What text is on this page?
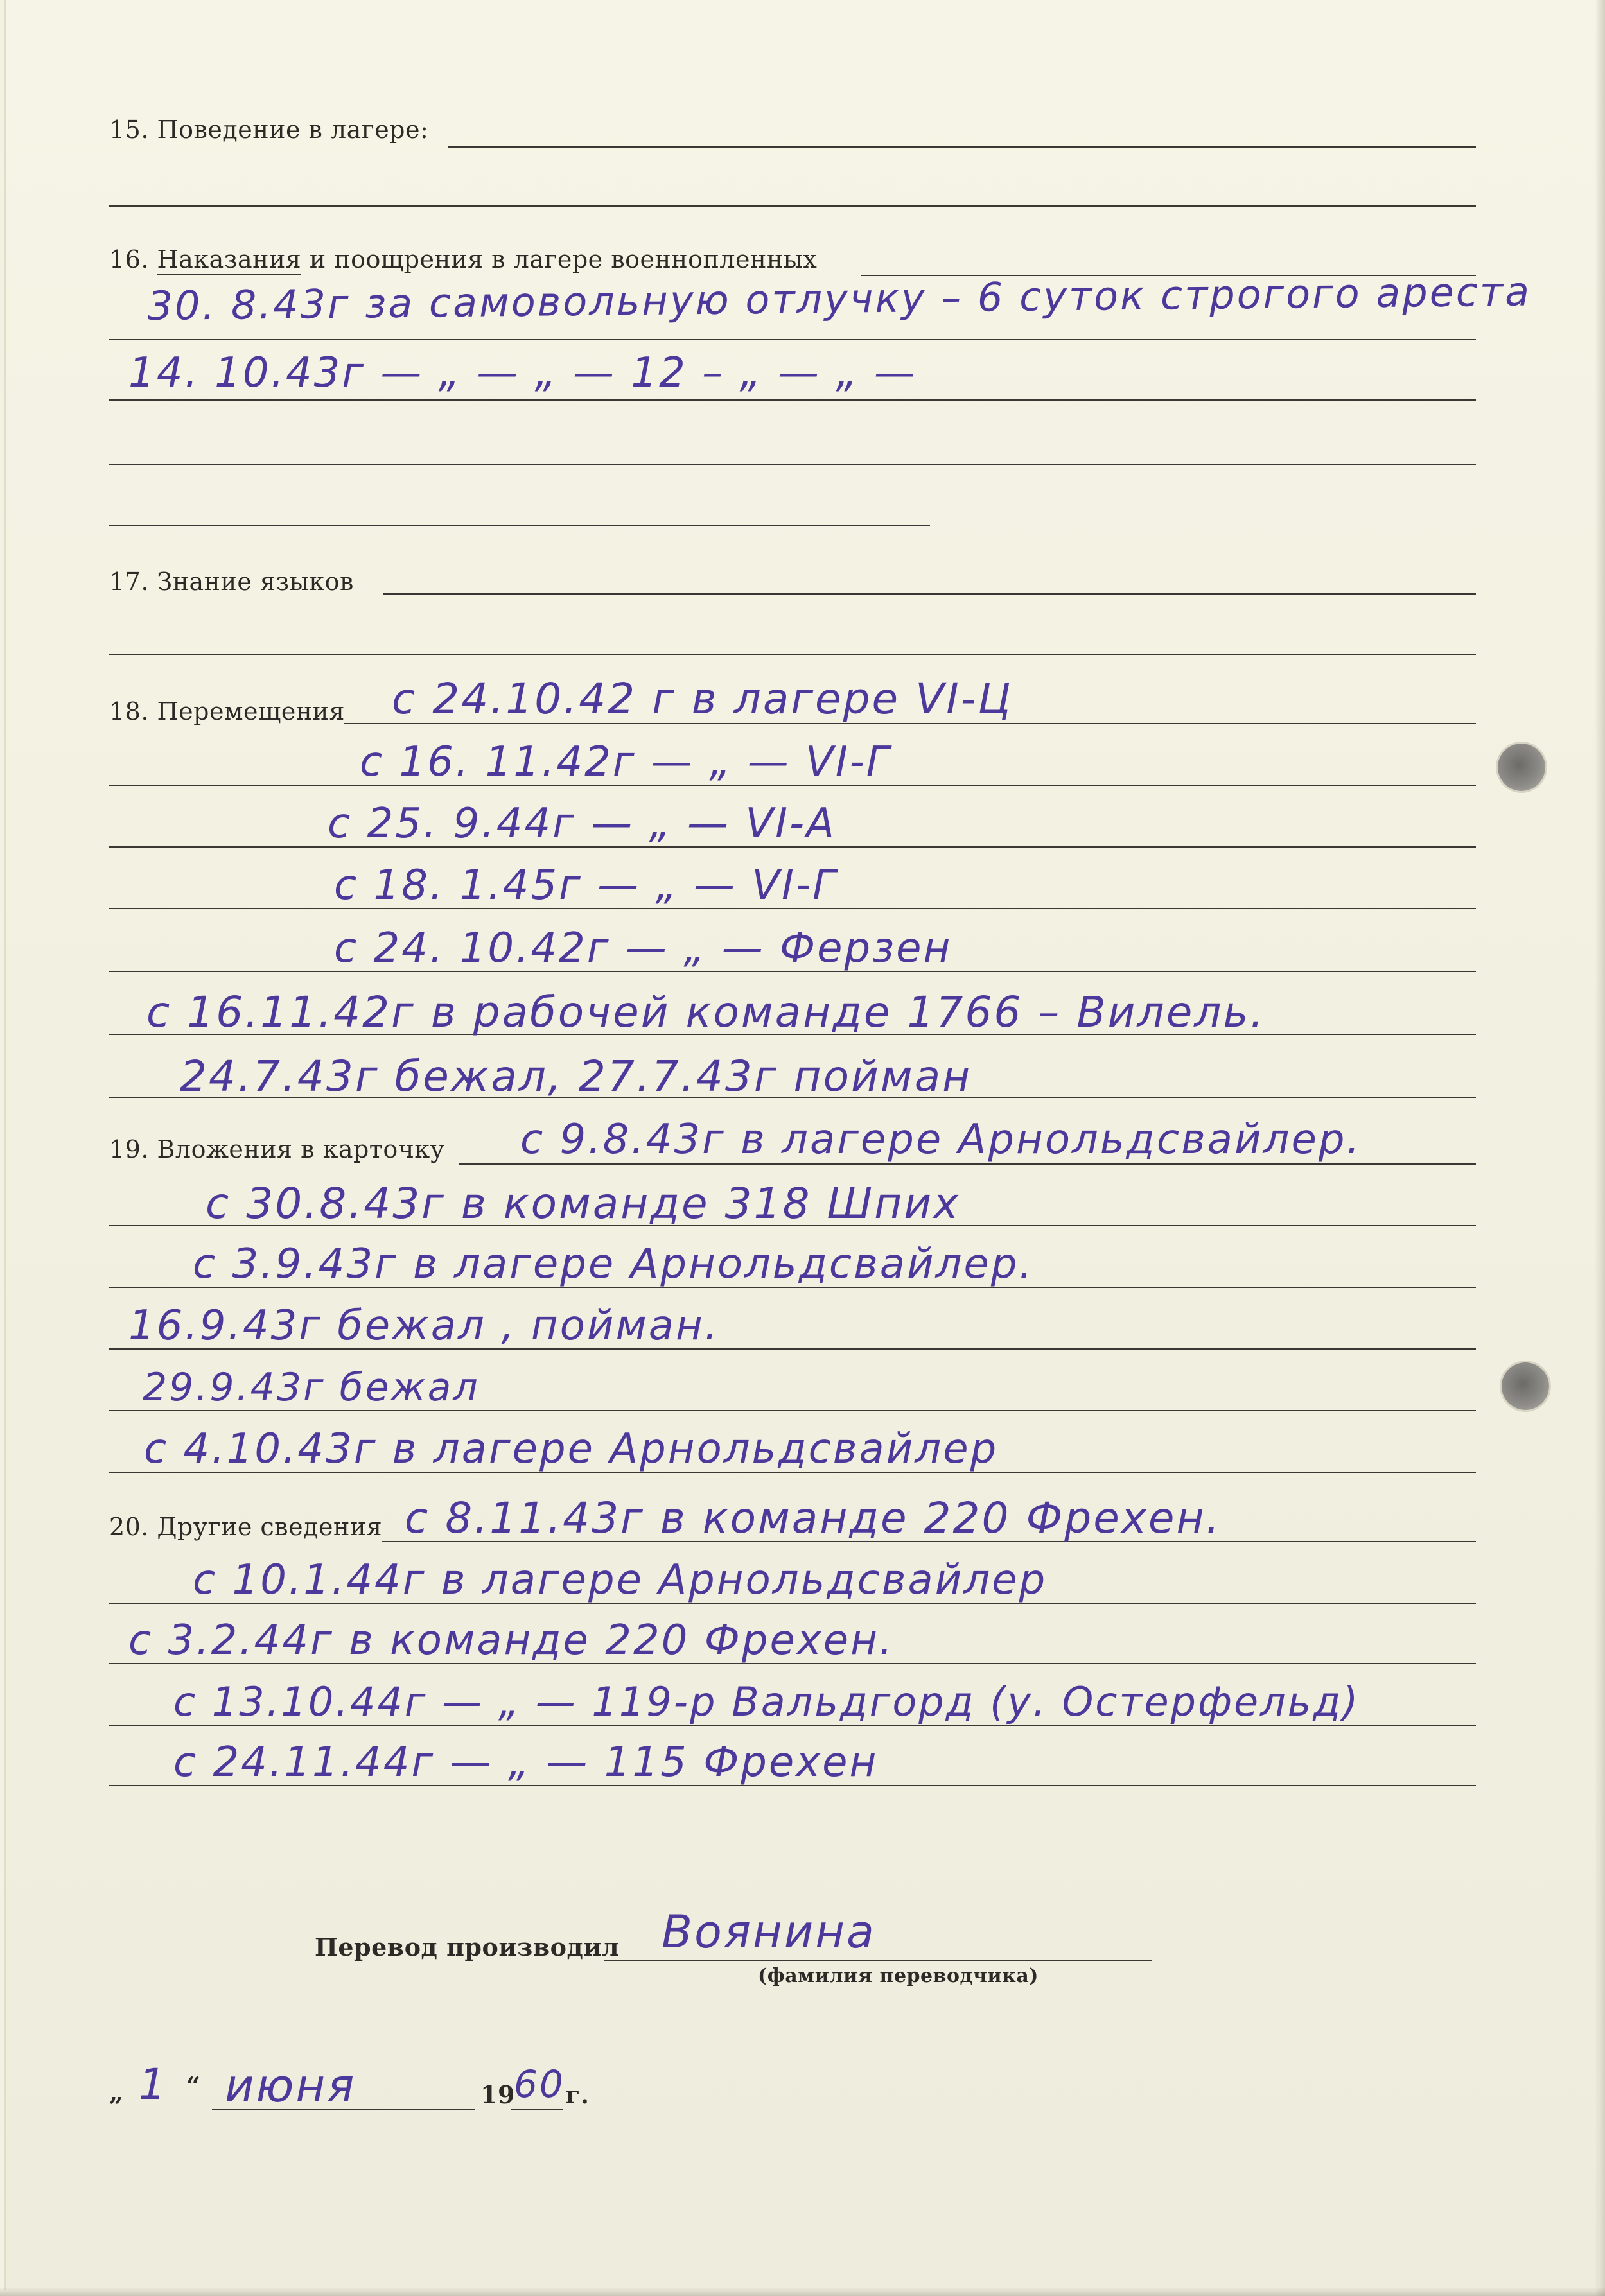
15. Поведение в лагере:
16. Наказания и поощрения в лагере военнопленных
30. 8.43г за самовольную отлучку – 6 суток строгого ареста
14. 10.43г — „ — „ — 12 – „ — „ —
17. Знание языков
18. Перемещения с 24.10.42 г в лагере VI-Ц
с 16. 11.42г — „ — VI-Г
с 25. 9.44г — „ — VI-А
с 18. 1.45г — „ — VI-Г
с 24. 10.42г — „ — Ферзен
с 16.11.42г в рабочей команде 1766 – Вилель.
24.7.43г бежал, 27.7.43г пойман
19. Вложения в карточку с 9.8.43г в лагере Арнольдсвайлер.
с 30.8.43г в команде 318 Шпих
с 3.9.43г в лагере Арнольдсвайлер.
16.9.43г бежал , пойман.
29.9.43г бежал
с 4.10.43г в лагере Арнольдсвайлер
20. Другие сведения с 8.11.43г в команде 220 Фрехен.
с 10.1.44г в лагере Арнольдсвайлер
с 3.2.44г в команде 220 Фрехен.
с 13.10.44г — „ — 119-р Вальдгорд (у. Остерфельд)
с 24.11.44г — „ — 115 Фрехен
Перевод производил Воянина
(фамилия переводчика)
„ 1 “ июня	19
60 г.
